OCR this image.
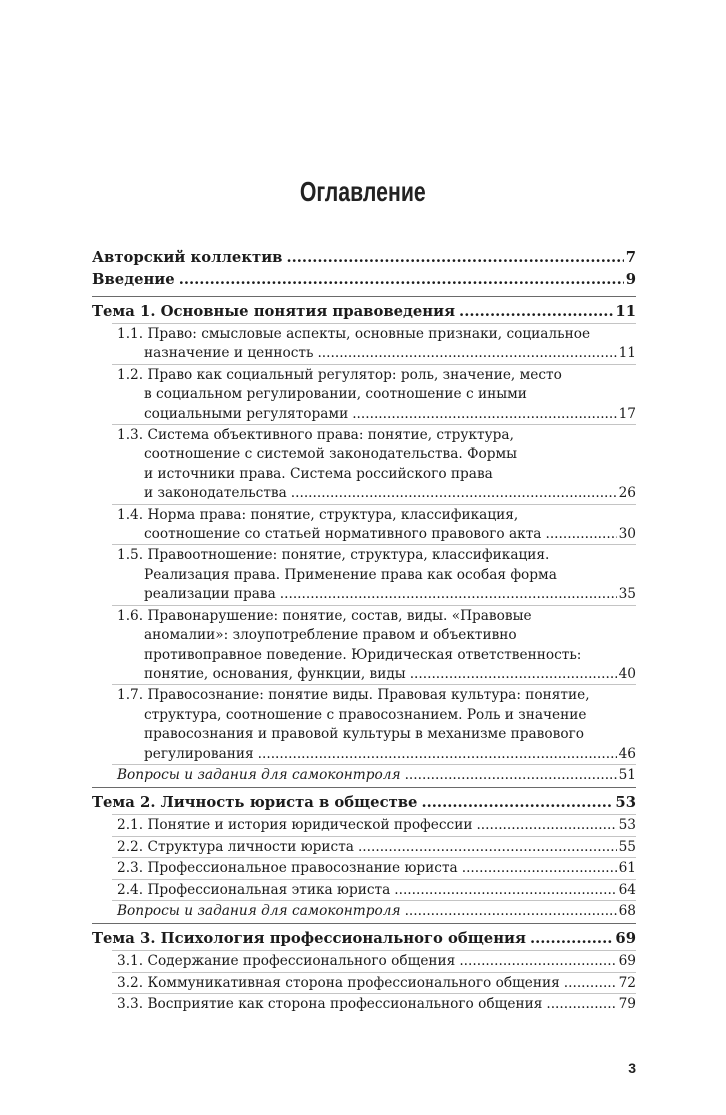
Оглавление
Авторский коллектив .....	7
Введение .....	9
Тема 1. Основные понятия правоведения .....	11
1.1. Право: смысловые аспекты, основные признаки, социальное
назначение и ценность .....	11
1.2. Право как социальный регулятор: роль, значение, место
в социальном регулировании, соотношение с иными
социальными регуляторами .....	17
1.3. Система объективного права: понятие, структура,
соотношение с системой законодательства. Формы
и источники права. Система российского права
и законодательства .....	26
1.4. Норма права: понятие, структура, классификация,
соотношение со статьей нормативного правового акта .....	30
1.5. Правоотношение: понятие, структура, классификация.
Реализация права. Применение права как особая форма
реализации права .....	35
1.6. Правонарушение: понятие, состав, виды. «Правовые
аномалии»: злоупотребление правом и объективно
противоправное поведение. Юридическая ответственность:
понятие, основания, функции, виды .....	40
1.7. Правосознание: понятие виды. Правовая культура: понятие,
структура, соотношение с правосознанием. Роль и значение
правосознания и правовой культуры в механизме правового
регулирования .....	46
Вопросы и задания для самоконтроля .....	51
Тема 2. Личность юриста в обществе .....	53
2.1. Понятие и история юридической профессии .....	53
2.2. Структура личности юриста .....	55
2.3. Профессиональное правосознание юриста .....	61
2.4. Профессиональная этика юриста .....	64
Вопросы и задания для самоконтроля .....	68
Тема 3. Психология профессионального общения .....	69
3.1. Содержание профессионального общения .....	69
3.2. Коммуникативная сторона профессионального общения .....	72
3.3. Восприятие как сторона профессионального общения .....	79
3
